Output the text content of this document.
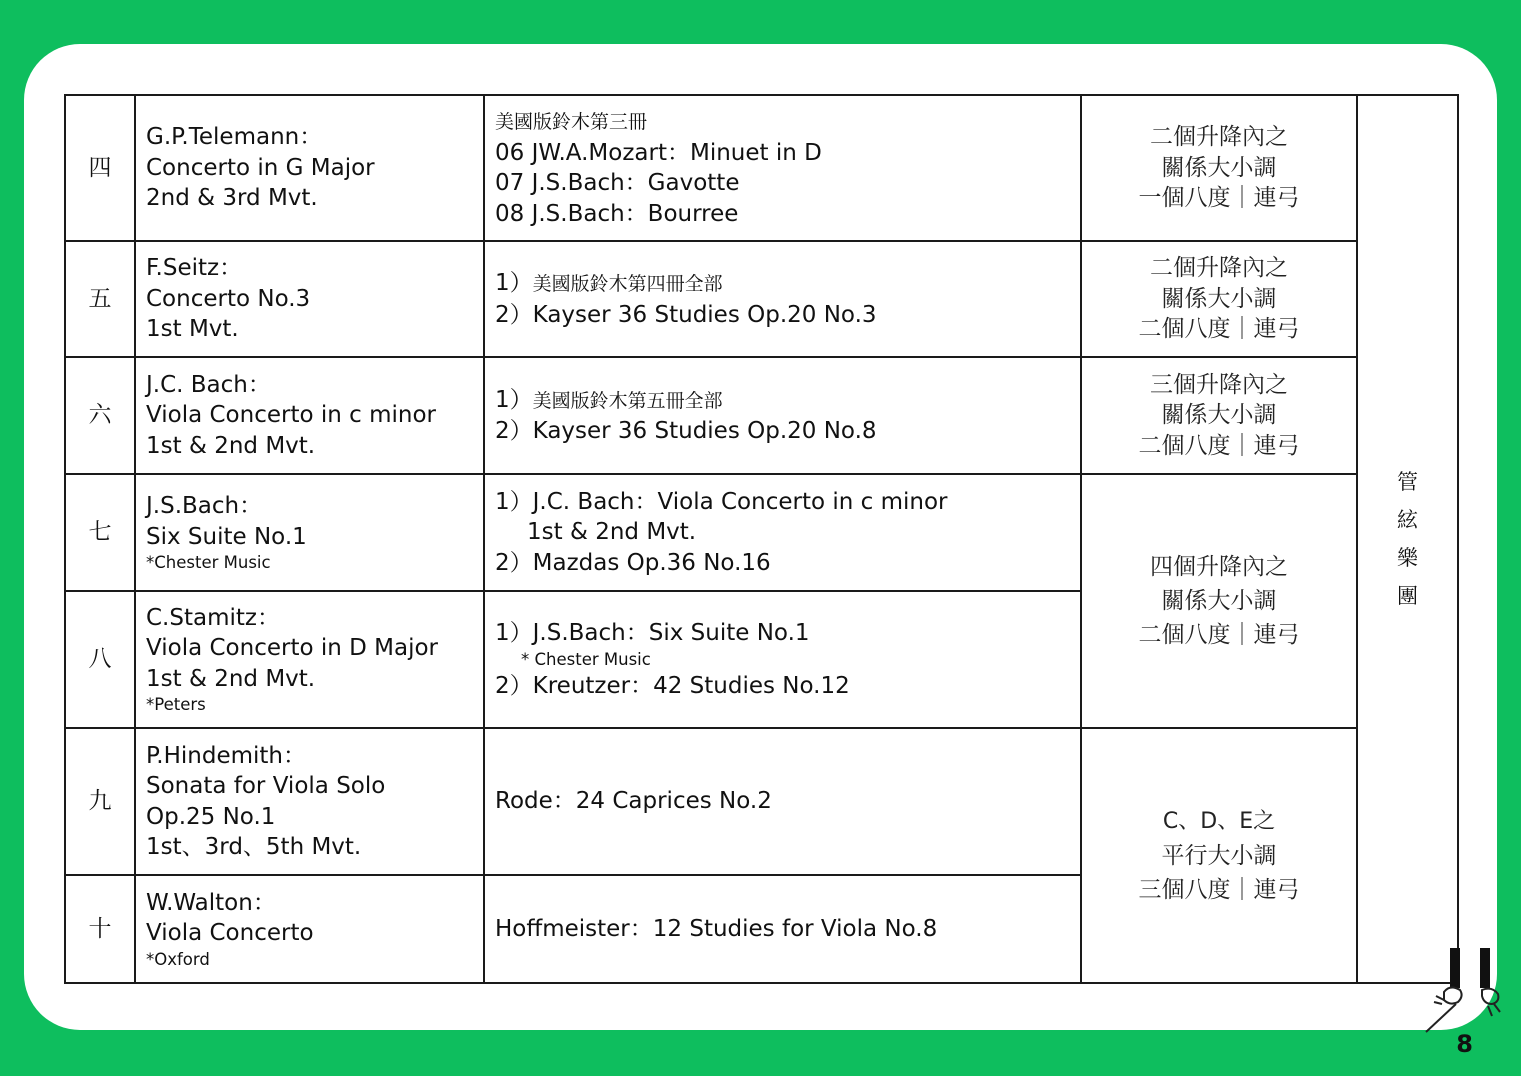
四	G.P.Telemann：
Concerto in G Major
2nd & 3rd Mvt.	美國版鈴木第三冊
06 JW.A.Mozart：Minuet in D
07 J.S.Bach：Gavotte
08 J.S.Bach：Bourree	二個升降內之
關係大小調
一個八度｜連弓	管絃樂團
五	F.Seitz：
Concerto No.3
1st Mvt.	1）美國版鈴木第四冊全部
2）Kayser 36 Studies Op.20 No.3	二個升降內之
關係大小調
二個八度｜連弓	

六	J.C. Bach：
Viola Concerto in c minor
1st & 2nd Mvt.	1）美國版鈴木第五冊全部
2）Kayser 36 Studies Op.20 No.8	三個升降內之
關係大小調
二個八度｜連弓	

七	J.S.Bach：
Six Suite No.1
*Chester Music	1）J.C. Bach：Viola Concerto in c minor
1st & 2nd Mvt.
2）Mazdas Op.36 No.16	四個升降內之
關係大小調
二個八度｜連弓	

八	C.Stamitz：
Viola Concerto in D Major
1st & 2nd Mvt.
*Peters	1）J.S.Bach：Six Suite No.1
* Chester Music
2）Kreutzer：42 Studies No.12		

九	P.Hindemith：
Sonata for Viola Solo
Op.25 No.1
1st、3rd、5th Mvt.	Rode：24 Caprices No.2	C、D、E之
平行大小調
三個八度｜連弓	

十	W.Walton：
Viola Concerto
*Oxford	Hoffmeister：12 Studies for Viola No.8		
8
